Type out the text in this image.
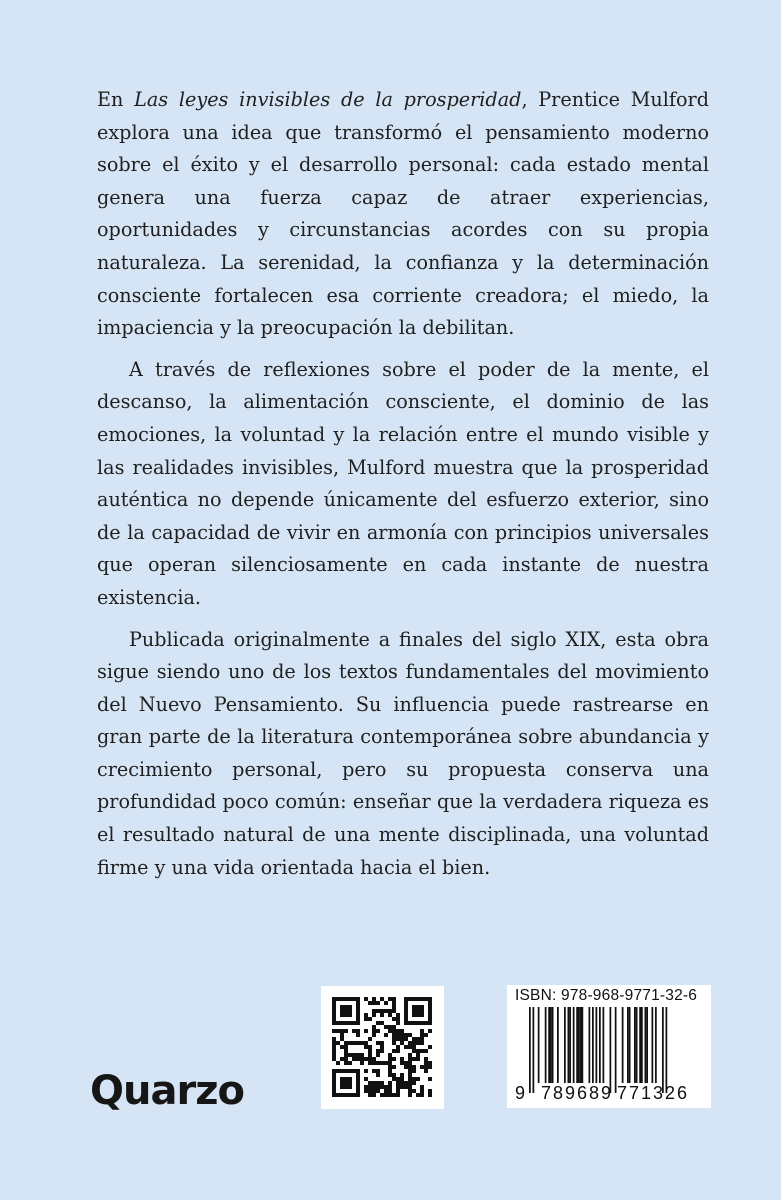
En Las leyes invisibles de la prosperidad, Prentice Mulford explora una idea que transformó el pensamiento moderno sobre el éxito y el desarrollo personal: cada estado mental genera una fuerza capaz de atraer experiencias, oportunidades y circunstancias acordes con su propia naturaleza. La serenidad, la confianza y la determinación consciente fortalecen esa corriente creadora; el miedo, la impaciencia y la preocupación la debilitan.

A través de reflexiones sobre el poder de la mente, el descanso, la alimentación consciente, el dominio de las emociones, la voluntad y la relación entre el mundo visible y las realidades invisibles, Mulford muestra que la prosperidad auténtica no depende únicamente del esfuerzo exterior, sino de la capacidad de vivir en armonía con principios universales que operan silenciosamente en cada instante de nuestra existencia.

Publicada originalmente a finales del siglo XIX, esta obra sigue siendo uno de los textos fundamentales del movimiento del Nuevo Pensamiento. Su influencia puede rastrearse en gran parte de la literatura contemporánea sobre abundancia y crecimiento personal, pero su propuesta conserva una profundidad poco común: enseñar que la verdadera riqueza es el resultado natural de una mente disciplinada, una voluntad firme y una vida orientada hacia el bien.

Quarzo
ISBN: 978-968-9771-32-6
9 789689 771326
